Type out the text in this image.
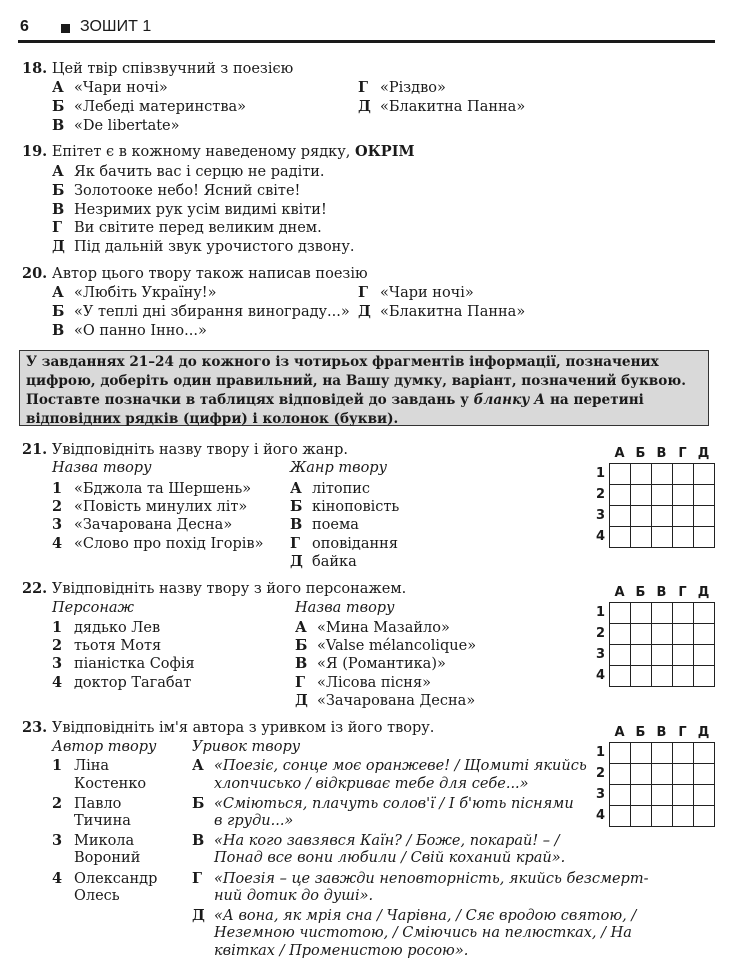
6	ЗОШИТ 1
18. Цей твір співзвучний з поезією
А «Чари ночі»
Б «Лебеді материнства»
В «De libertate»
Г «Різдво»
Д «Блакитна Панна»
19. Епітет є в кожному наведеному рядку, ОКРІМ
А Як бачить вас і серцю не радіти.
Б Золотооке небо! Ясний світе!
В Незримих рук усім видимі квіти!
Г Ви світите перед великим днем.
Д Під дальній звук урочистого дзвону.
20. Автор цього твору також написав поезію
А «Любіть Україну!»
Б «У теплі дні збирання винограду...»
В «О панно Інно...»
Г «Чари ночі»
Д «Блакитна Панна»
У завданнях 21–24 до кожного із чотирьох фрагментів інформації, позначених цифрою, доберіть один правильний, на Вашу думку, варіант, позначений буквою. Поставте позначки в таблицях відповідей до завдань у бланку А на перетині відповідних рядків (цифри) і колонок (букви).
21. Увідповідніть назву твору і його жанр.
Назва твору	Жанр твору
1 «Бджола та Шершень»
2 «Повість минулих літ»
3 «Зачарована Десна»
4 «Слово про похід Ігорів»
А літопис
Б кіноповість
В поема
Г оповідання
Д байка
А Б В Г Д
1
2
3
4

22. Увідповідніть назву твору з його персонажем.
Персонаж	Назва твору
1 дядько Лев
2 тьотя Мотя
3 піаністка Софія
4 доктор Тагабат
А «Мина Мазайло»
Б «Valse mélancolique»
В «Я (Романтика)»
Г «Лісова пісня»
Д «Зачарована Десна»
А Б В Г Д
1
2
3
4

23. Увідповідніть ім'я автора з уривком із його твору.
Автор твору Уривок твору
1 Ліна
Костенко
2 Павло
Тичина
3 Микола
Вороний
4 Олександр
Олесь
А «Поезіє, сонце моє оранжеве! / Щомиті якийсь
хлопчисько / відкриває тебе для себе...»
Б «Сміються, плачуть солов'ї / І б'ють піснями
в груди...»
В «На кого завзявся Каїн? / Боже, покарай! – /
Понад все вони любили / Свій коханий край».
Г «Поезія – це завжди неповторність, якийсь безсмерт-
ний дотик до душі».
Д «А вона, як мрія сна / Чарівна, / Сяє вродою святою, /
Неземною чистотою, / Сміючись на пелюстках, / На
квітках / Променистою росою».
А Б В Г Д
1
2
3
4
